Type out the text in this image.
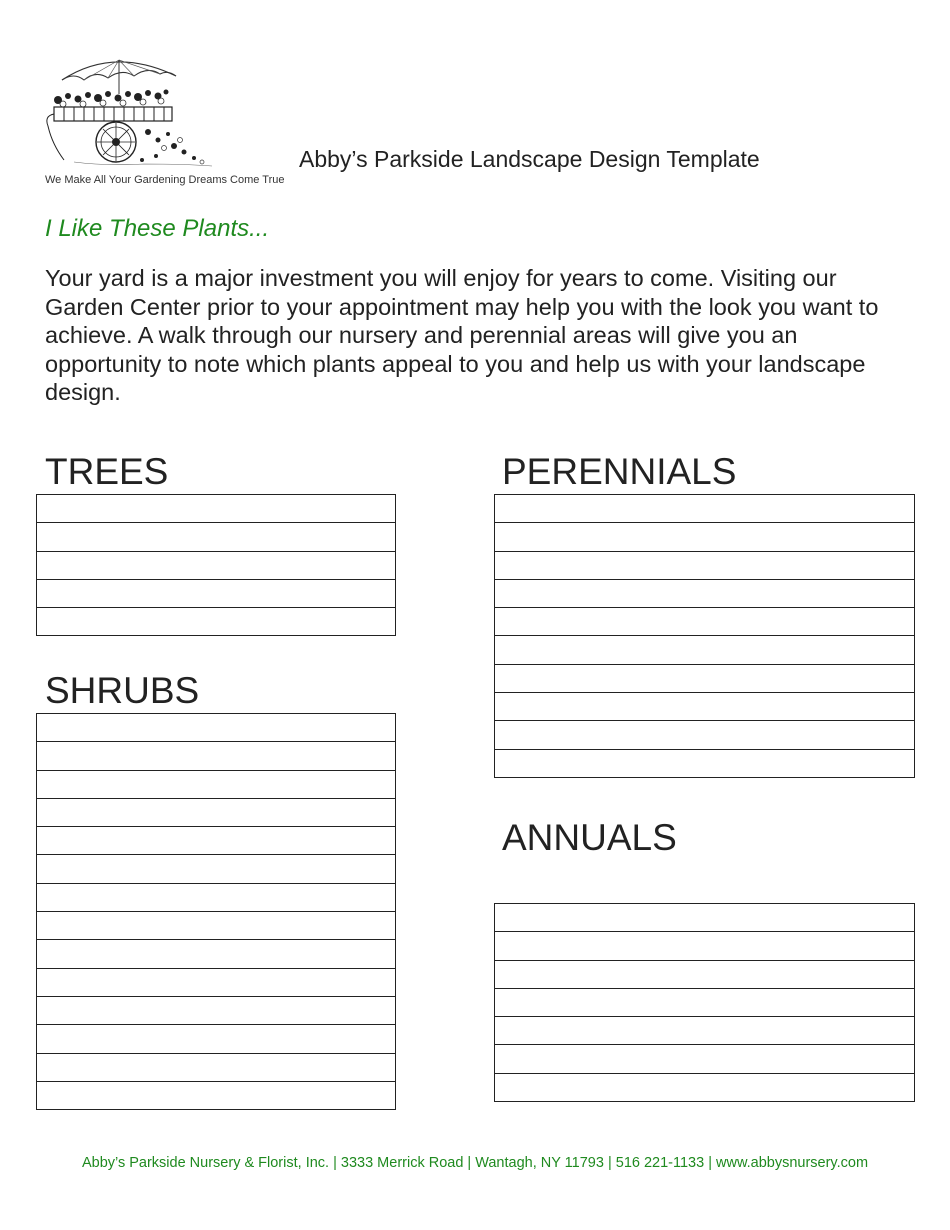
We Make All Your Gardening Dreams Come True
Abby’s Parkside Landscape Design Template
I Like These Plants...

Your yard is a major investment you will enjoy for years to come. Visiting our Garden Center prior to your appointment may help you with the look you want to achieve. A walk through our nursery and perennial areas will give you an opportunity to note which plants appeal to you and help us with your landscape design.

TREES
SHRUBS
PERENNIALS
ANNUALS
Abby’s Parkside Nursery & Florist, Inc. | 3333 Merrick Road | Wantagh, NY 11793 | 516 221-1133 | www.abbysnursery.com
